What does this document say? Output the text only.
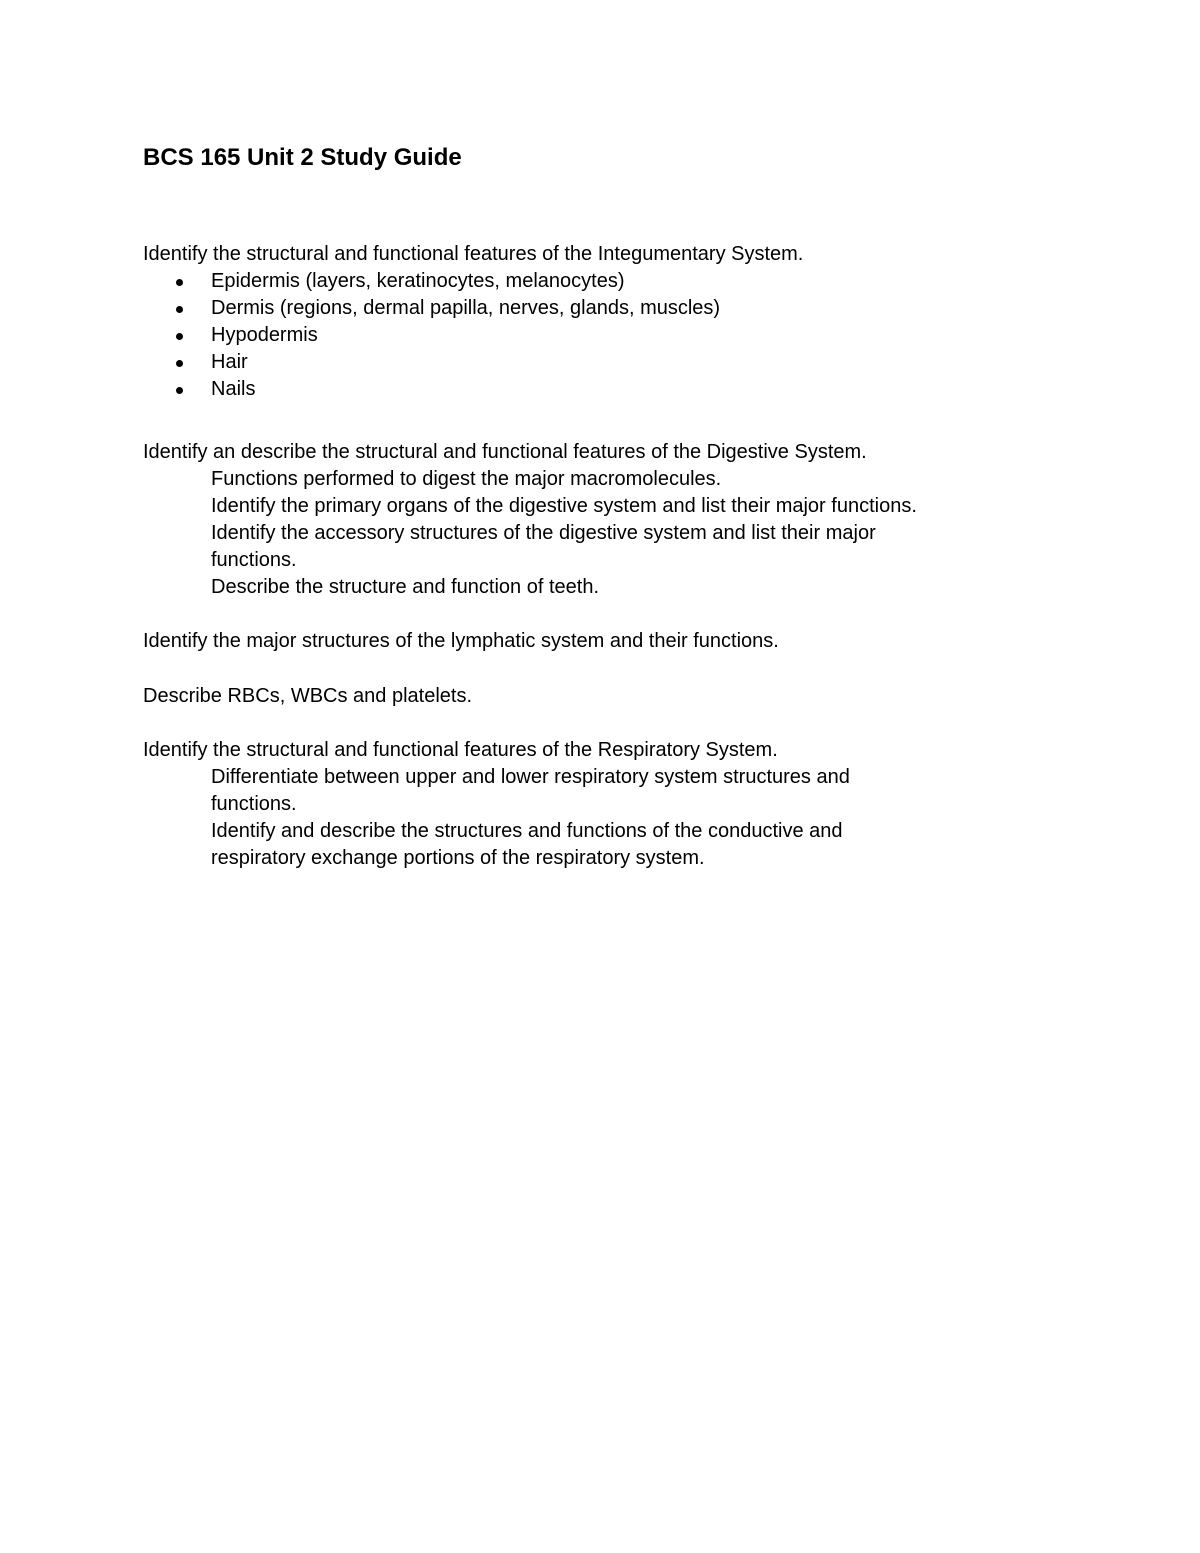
BCS 165 Unit 2 Study Guide

Identify the structural and functional features of the Integumentary System.

Epidermis (layers, keratinocytes, melanocytes)
Dermis (regions, dermal papilla, nerves, glands, muscles)
Hypodermis
Hair
Nails

Identify an describe the structural and functional features of the Digestive System.

Functions performed to digest the major macromolecules.

Identify the primary organs of the digestive system and list their major functions.

Identify the accessory structures of the digestive system and list their major

functions.

Describe the structure and function of teeth.

Identify the major structures of the lymphatic system and their functions.

Describe RBCs, WBCs and platelets.

Identify the structural and functional features of the Respiratory System.

Differentiate between upper and lower respiratory system structures and

functions.

Identify and describe the structures and functions of the conductive and

respiratory exchange portions of the respiratory system.
